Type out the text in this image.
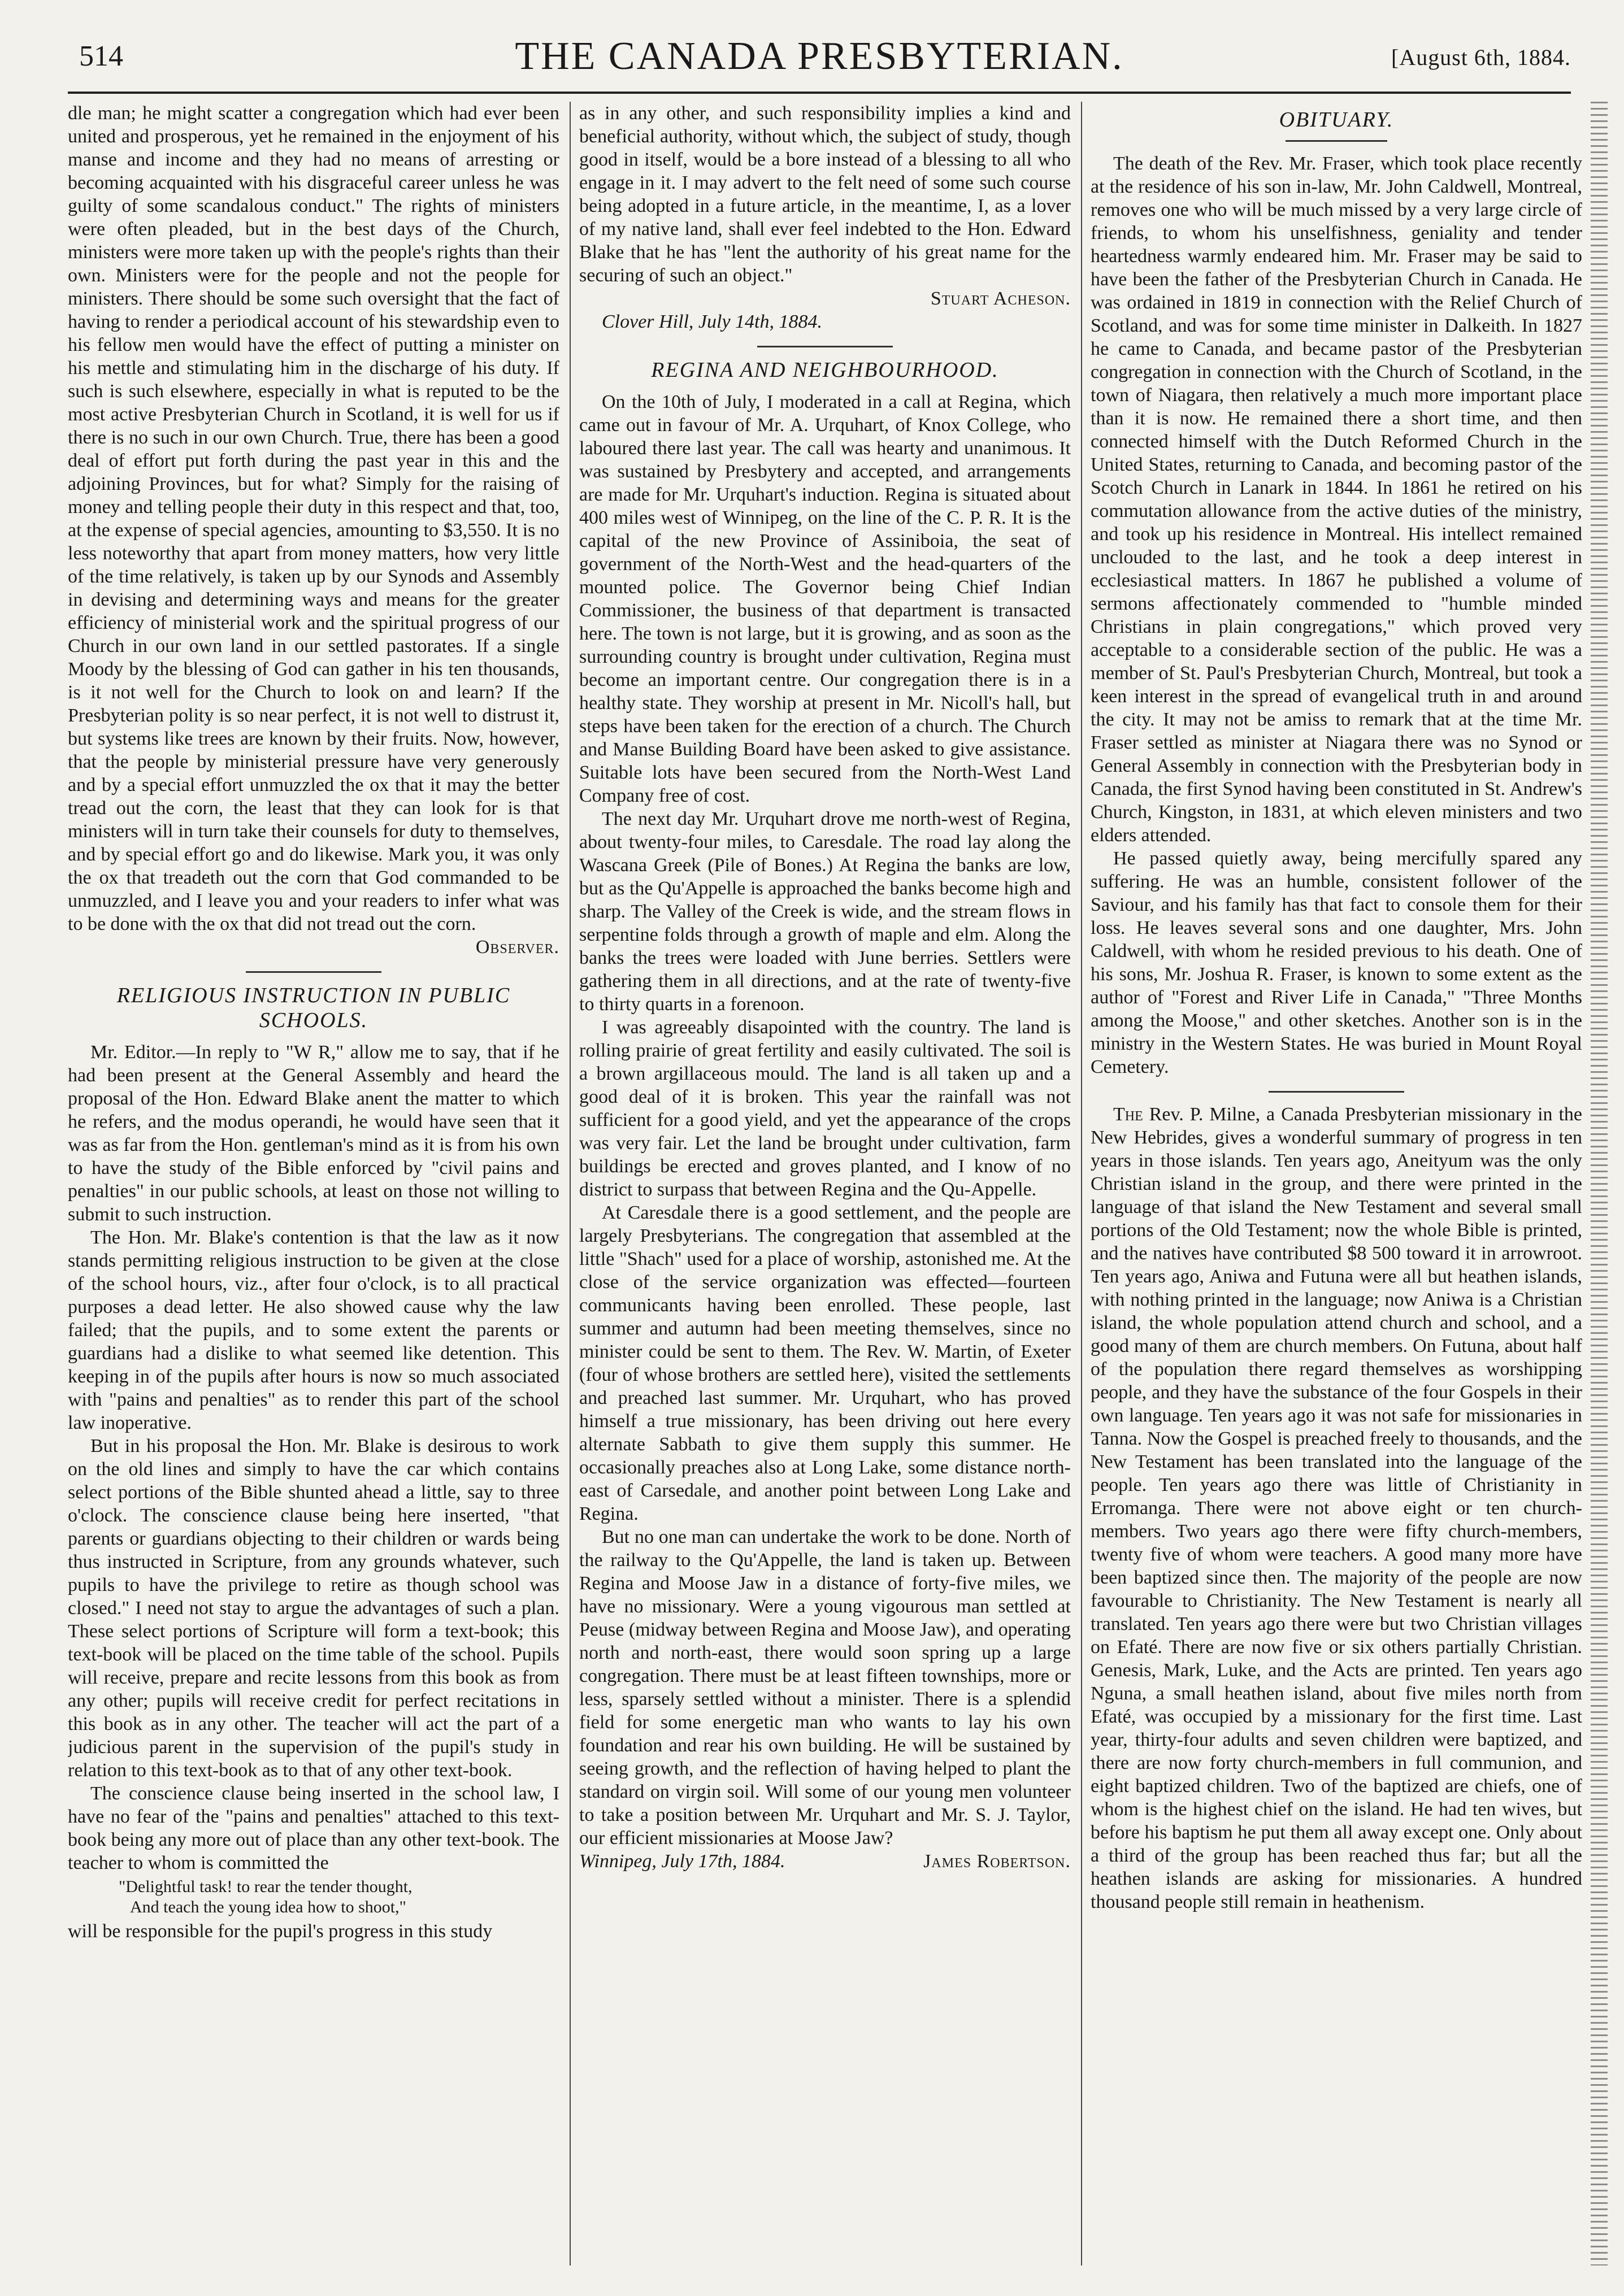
514	THE CANADA PRESBYTERIAN.	[August 6th, 1884.

dle man; he might scatter a congregation which had ever been united and prosperous, yet he remained in the enjoyment of his manse and income and they had no means of arresting or becoming acquainted with his disgraceful career unless he was guilty of some scandalous conduct." The rights of ministers were often pleaded, but in the best days of the Church, ministers were more taken up with the people's rights than their own. Ministers were for the people and not the people for ministers. There should be some such oversight that the fact of having to render a periodical account of his stewardship even to his fellow men would have the effect of putting a minister on his mettle and stimulating him in the discharge of his duty. If such is such elsewhere, especially in what is reputed to be the most active Presbyterian Church in Scotland, it is well for us if there is no such in our own Church. True, there has been a good deal of effort put forth during the past year in this and the adjoining Provinces, but for what? Simply for the raising of money and telling people their duty in this respect and that, too, at the expense of special agencies, amounting to $3,550. It is no less noteworthy that apart from money matters, how very little of the time relatively, is taken up by our Synods and Assembly in devising and determining ways and means for the greater efficiency of ministerial work and the spiritual progress of our Church in our own land in our settled pastorates. If a single Moody by the blessing of God can gather in his ten thousands, is it not well for the Church to look on and learn? If the Presbyterian polity is so near perfect, it is not well to distrust it, but systems like trees are known by their fruits. Now, however, that the people by ministerial pressure have very generously and by a special effort unmuzzled the ox that it may the better tread out the corn, the least that they can look for is that ministers will in turn take their counsels for duty to themselves, and by special effort go and do likewise. Mark you, it was only the ox that treadeth out the corn that God commanded to be unmuzzled, and I leave you and your readers to infer what was to be done with the ox that did not tread out the corn.

Observer.

RELIGIOUS INSTRUCTION IN PUBLIC SCHOOLS.

Mr. Editor.—In reply to "W R," allow me to say, that if he had been present at the General Assembly and heard the proposal of the Hon. Edward Blake anent the matter to which he refers, and the modus operandi, he would have seen that it was as far from the Hon. gentleman's mind as it is from his own to have the study of the Bible enforced by "civil pains and penalties" in our public schools, at least on those not willing to submit to such instruction.

The Hon. Mr. Blake's contention is that the law as it now stands permitting religious instruction to be given at the close of the school hours, viz., after four o'clock, is to all practical purposes a dead letter. He also showed cause why the law failed; that the pupils, and to some extent the parents or guardians had a dislike to what seemed like detention. This keeping in of the pupils after hours is now so much associated with "pains and penalties" as to render this part of the school law inoperative.

But in his proposal the Hon. Mr. Blake is desirous to work on the old lines and simply to have the car which contains select portions of the Bible shunted ahead a little, say to three o'clock. The conscience clause being here inserted, "that parents or guardians objecting to their children or wards being thus instructed in Scripture, from any grounds whatever, such pupils to have the privilege to retire as though school was closed." I need not stay to argue the advantages of such a plan. These select portions of Scripture will form a text-book; this text-book will be placed on the time table of the school. Pupils will receive, prepare and recite lessons from this book as from any other; pupils will receive credit for perfect recitations in this book as in any other. The teacher will act the part of a judicious parent in the supervision of the pupil's study in relation to this text-book as to that of any other text-book.

The conscience clause being inserted in the school law, I have no fear of the "pains and penalties" attached to this text-book being any more out of place than any other text-book. The teacher to whom is committed the

"Delightful task! to rear the tender thought,
And teach the young idea how to shoot,"

will be responsible for the pupil's progress in this study

as in any other, and such responsibility implies a kind and beneficial authority, without which, the subject of study, though good in itself, would be a bore instead of a blessing to all who engage in it. I may advert to the felt need of some such course being adopted in a future article, in the meantime, I, as a lover of my native land, shall ever feel indebted to the Hon. Edward Blake that he has "lent the authority of his great name for the securing of such an object."

Stuart Acheson.

Clover Hill, July 14th, 1884.

REGINA AND NEIGHBOURHOOD.

On the 10th of July, I moderated in a call at Regina, which came out in favour of Mr. A. Urquhart, of Knox College, who laboured there last year. The call was hearty and unanimous. It was sustained by Presbytery and accepted, and arrangements are made for Mr. Urquhart's induction. Regina is situated about 400 miles west of Winnipeg, on the line of the C. P. R. It is the capital of the new Province of Assiniboia, the seat of government of the North-West and the head-quarters of the mounted police. The Governor being Chief Indian Commissioner, the business of that department is transacted here. The town is not large, but it is growing, and as soon as the surrounding country is brought under cultivation, Regina must become an important centre. Our congregation there is in a healthy state. They worship at present in Mr. Nicoll's hall, but steps have been taken for the erection of a church. The Church and Manse Building Board have been asked to give assistance. Suitable lots have been secured from the North-West Land Company free of cost.

The next day Mr. Urquhart drove me north-west of Regina, about twenty-four miles, to Caresdale. The road lay along the Wascana Greek (Pile of Bones.) At Regina the banks are low, but as the Qu'Appelle is approached the banks become high and sharp. The Valley of the Creek is wide, and the stream flows in serpentine folds through a growth of maple and elm. Along the banks the trees were loaded with June berries. Settlers were gathering them in all directions, and at the rate of twenty-five to thirty quarts in a forenoon.

I was agreeably disapointed with the country. The land is rolling prairie of great fertility and easily cultivated. The soil is a brown argillaceous mould. The land is all taken up and a good deal of it is broken. This year the rainfall was not sufficient for a good yield, and yet the appearance of the crops was very fair. Let the land be brought under cultivation, farm buildings be erected and groves planted, and I know of no district to surpass that between Regina and the Qu-Appelle.

At Caresdale there is a good settlement, and the people are largely Presbyterians. The congregation that assembled at the little "Shach" used for a place of worship, astonished me. At the close of the service organization was effected—fourteen communicants having been enrolled. These people, last summer and autumn had been meeting themselves, since no minister could be sent to them. The Rev. W. Martin, of Exeter (four of whose brothers are settled here), visited the settlements and preached last summer. Mr. Urquhart, who has proved himself a true missionary, has been driving out here every alternate Sabbath to give them supply this summer. He occasionally preaches also at Long Lake, some distance north-east of Carsedale, and another point between Long Lake and Regina.

But no one man can undertake the work to be done. North of the railway to the Qu'Appelle, the land is taken up. Between Regina and Moose Jaw in a distance of forty-five miles, we have no missionary. Were a young vigourous man settled at Peuse (midway between Regina and Moose Jaw), and operating north and north-east, there would soon spring up a large congregation. There must be at least fifteen townships, more or less, sparsely settled without a minister. There is a splendid field for some energetic man who wants to lay his own foundation and rear his own building. He will be sustained by seeing growth, and the reflection of having helped to plant the standard on virgin soil. Will some of our young men volunteer to take a position between Mr. Urquhart and Mr. S. J. Taylor, our efficient missionaries at Moose Jaw?

Winnipeg, July 17th, 1884.	James Robertson.

OBITUARY.

The death of the Rev. Mr. Fraser, which took place recently at the residence of his son in-law, Mr. John Caldwell, Montreal, removes one who will be much missed by a very large circle of friends, to whom his unselfishness, geniality and tender heartedness warmly endeared him. Mr. Fraser may be said to have been the father of the Presbyterian Church in Canada. He was ordained in 1819 in connection with the Relief Church of Scotland, and was for some time minister in Dalkeith. In 1827 he came to Canada, and became pastor of the Presbyterian congregation in connection with the Church of Scotland, in the town of Niagara, then relatively a much more important place than it is now. He remained there a short time, and then connected himself with the Dutch Reformed Church in the United States, returning to Canada, and becoming pastor of the Scotch Church in Lanark in 1844. In 1861 he retired on his commutation allowance from the active duties of the ministry, and took up his residence in Montreal. His intellect remained unclouded to the last, and he took a deep interest in ecclesiastical matters. In 1867 he published a volume of sermons affectionately commended to "humble minded Christians in plain congregations," which proved very acceptable to a considerable section of the public. He was a member of St. Paul's Presbyterian Church, Montreal, but took a keen interest in the spread of evangelical truth in and around the city. It may not be amiss to remark that at the time Mr. Fraser settled as minister at Niagara there was no Synod or General Assembly in connection with the Presbyterian body in Canada, the first Synod having been constituted in St. Andrew's Church, Kingston, in 1831, at which eleven ministers and two elders attended.

He passed quietly away, being mercifully spared any suffering. He was an humble, consistent follower of the Saviour, and his family has that fact to console them for their loss. He leaves several sons and one daughter, Mrs. John Caldwell, with whom he resided previous to his death. One of his sons, Mr. Joshua R. Fraser, is known to some extent as the author of "Forest and River Life in Canada," "Three Months among the Moose," and other sketches. Another son is in the ministry in the Western States. He was buried in Mount Royal Cemetery.

The Rev. P. Milne, a Canada Presbyterian missionary in the New Hebrides, gives a wonderful summary of progress in ten years in those islands. Ten years ago, Aneityum was the only Christian island in the group, and there were printed in the language of that island the New Testament and several small portions of the Old Testament; now the whole Bible is printed, and the natives have contributed $8 500 toward it in arrowroot. Ten years ago, Aniwa and Futuna were all but heathen islands, with nothing printed in the language; now Aniwa is a Christian island, the whole population attend church and school, and a good many of them are church members. On Futuna, about half of the population there regard themselves as worshipping people, and they have the substance of the four Gospels in their own language. Ten years ago it was not safe for missionaries in Tanna. Now the Gospel is preached freely to thousands, and the New Testament has been translated into the language of the people. Ten years ago there was little of Christianity in Erromanga. There were not above eight or ten church-members. Two years ago there were fifty church-members, twenty five of whom were teachers. A good many more have been baptized since then. The majority of the people are now favourable to Christianity. The New Testament is nearly all translated. Ten years ago there were but two Christian villages on Efaté. There are now five or six others partially Christian. Genesis, Mark, Luke, and the Acts are printed. Ten years ago Nguna, a small heathen island, about five miles north from Efaté, was occupied by a missionary for the first time. Last year, thirty-four adults and seven children were baptized, and there are now forty church-members in full communion, and eight baptized children. Two of the baptized are chiefs, one of whom is the highest chief on the island. He had ten wives, but before his baptism he put them all away except one. Only about a third of the group has been reached thus far; but all the heathen islands are asking for missionaries. A hundred thousand people still remain in heathenism.
